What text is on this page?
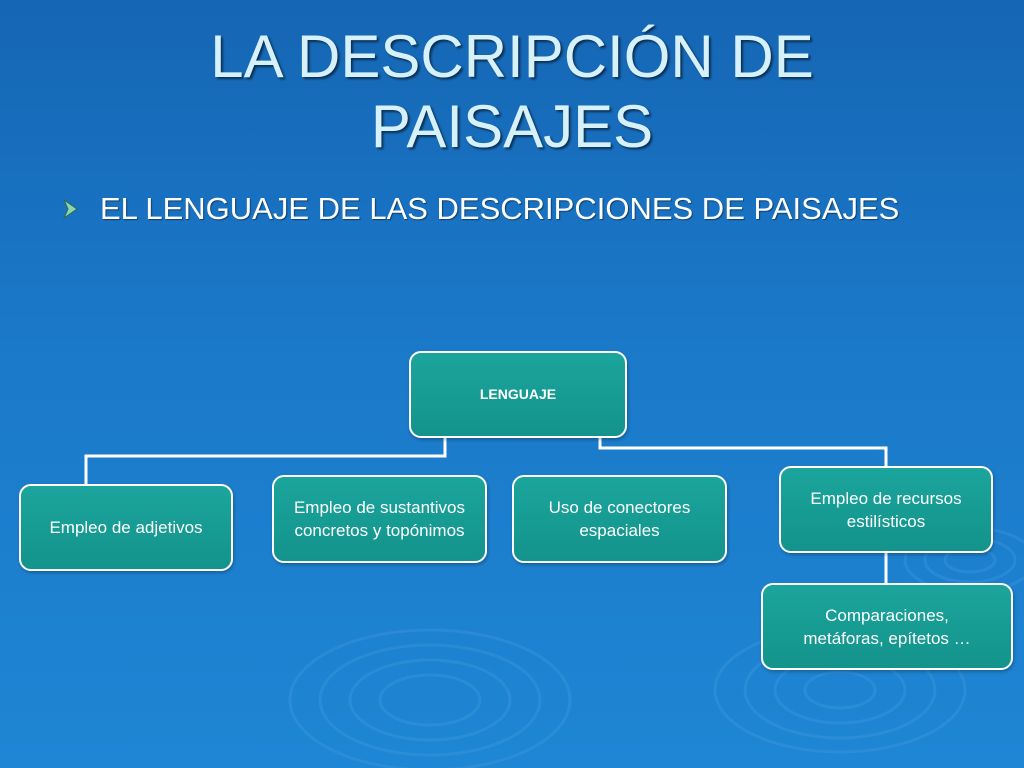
LA DESCRIPCIÓN DE PAISAJES
EL LENGUAJE DE LAS DESCRIPCIONES DE PAISAJES
LENGUAJE
Empleo de adjetivos
Empleo de sustantivos
concretos y topónimos
Uso de conectores
espaciales
Empleo de recursos
estilísticos
Comparaciones,
metáforas, epítetos …
